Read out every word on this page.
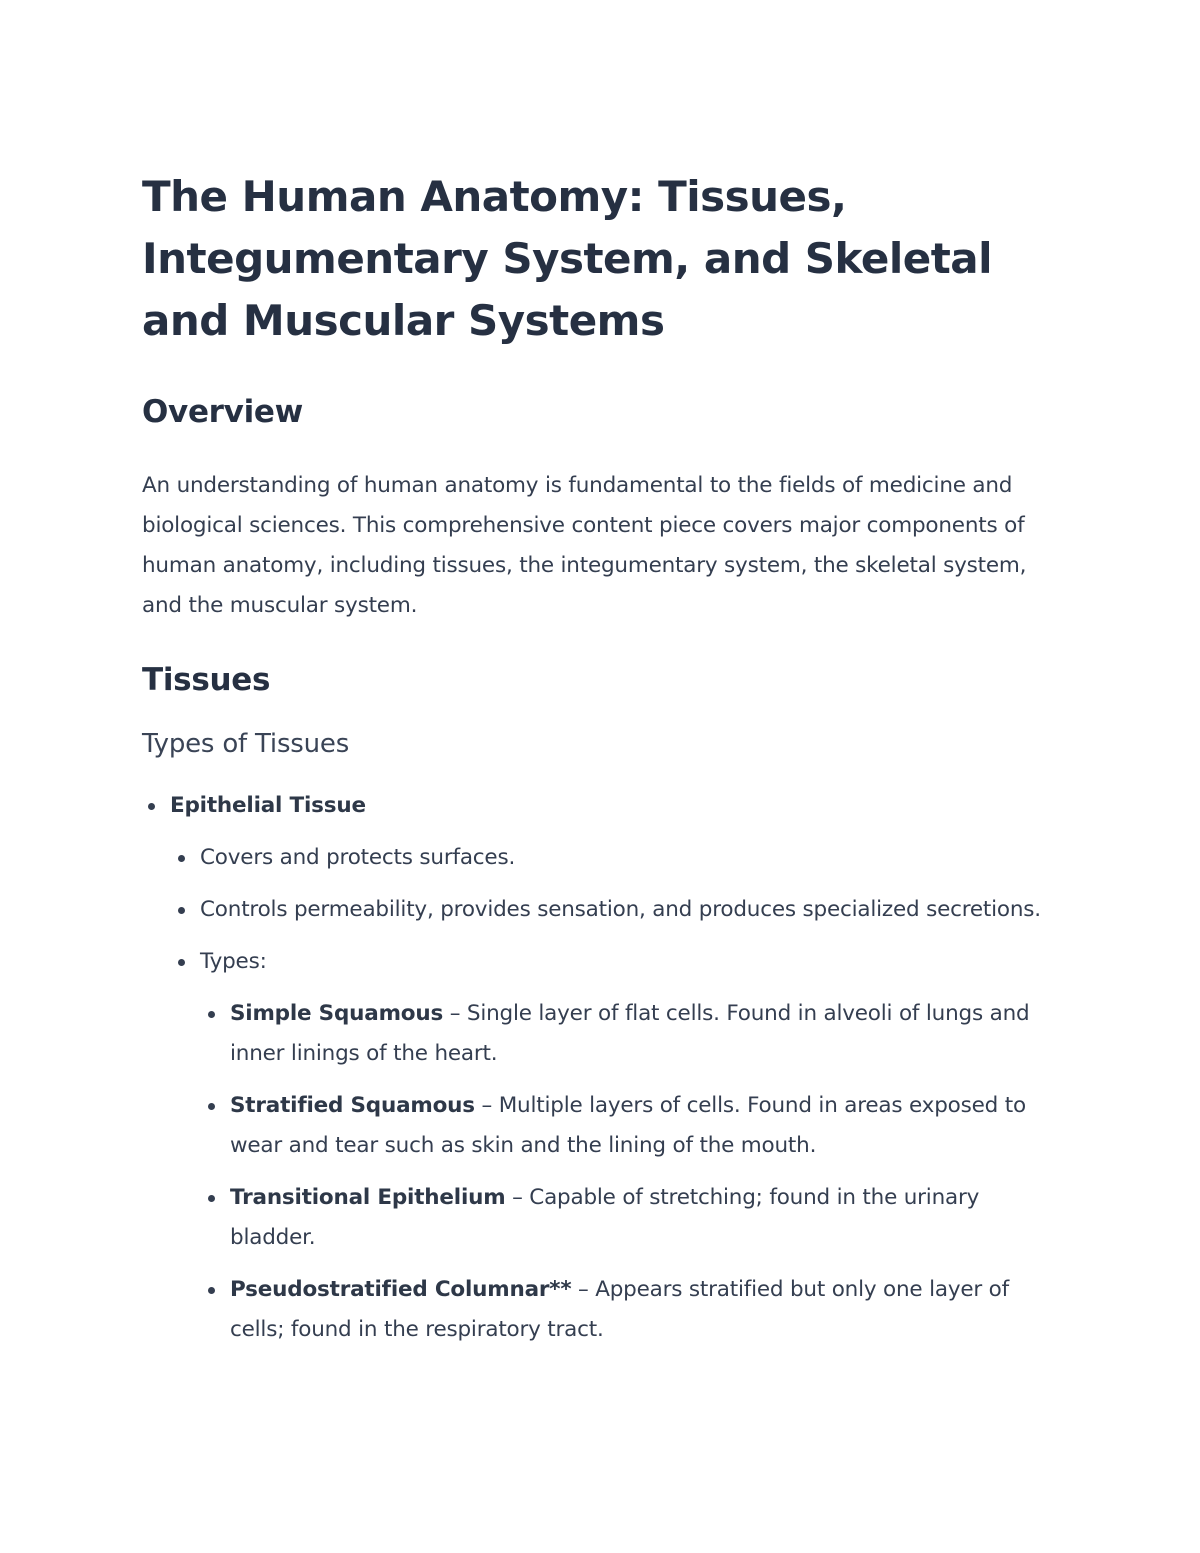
The Human Anatomy: Tissues, Integumentary System, and Skeletal and Muscular Systems
Overview

An understanding of human anatomy is fundamental to the fields of medicine and biological sciences. This comprehensive content piece covers major components of human anatomy, including tissues, the integumentary system, the skeletal system, and the muscular system.

Tissues
Types of Tissues
Epithelial Tissue
Covers and protects surfaces.
Controls permeability, provides sensation, and produces specialized secretions.
Types:
Simple Squamous – Single layer of flat cells. Found in alveoli of lungs and inner linings of the heart.
Stratified Squamous – Multiple layers of cells. Found in areas exposed to wear and tear such as skin and the lining of the mouth.
Transitional Epithelium – Capable of stretching; found in the urinary bladder.
Pseudostratified Columnar** – Appears stratified but only one layer of cells; found in the respiratory tract.
